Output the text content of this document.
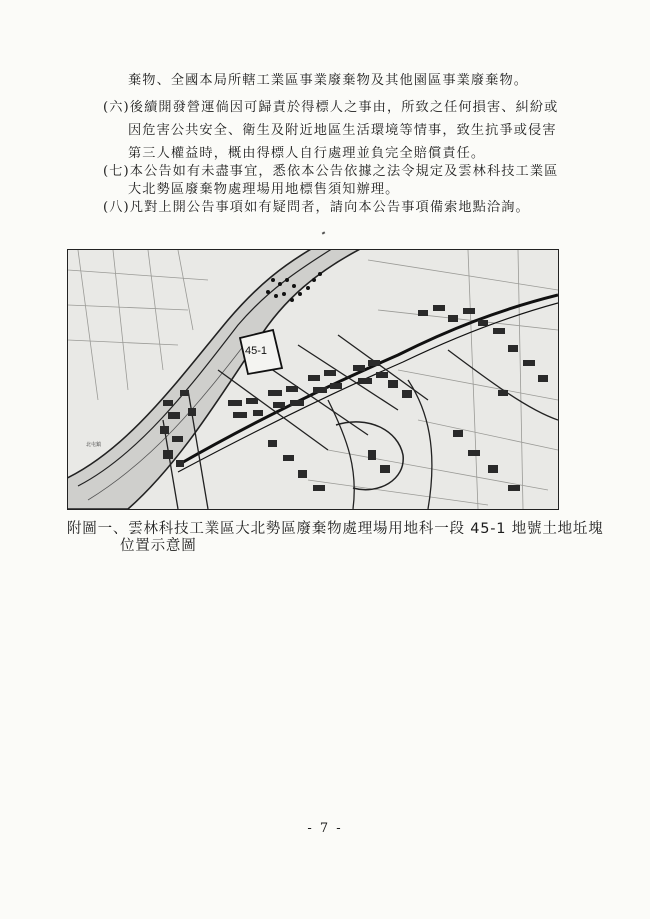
棄物、全國本局所轄工業區事業廢棄物及其他園區事業廢棄物。
(六)後續開發營運倘因可歸責於得標人之事由，所致之任何損害、糾紛或
因危害公共安全、衛生及附近地區生活環境等情事，致生抗爭或侵害
第三人權益時，概由得標人自行處理並負完全賠償責任。
(七)本公告如有未盡事宜，悉依本公告依據之法令規定及雲林科技工業區
大北勢區廢棄物處理場用地標售須知辦理。
(八)凡對上開公告事項如有疑問者，請向本公告事項備索地點洽詢。
45-1
北屯鎮
附圖一、雲林科技工業區大北勢區廢棄物處理場用地科一段 45-1 地號土地坵塊
位置示意圖
- 7 -
